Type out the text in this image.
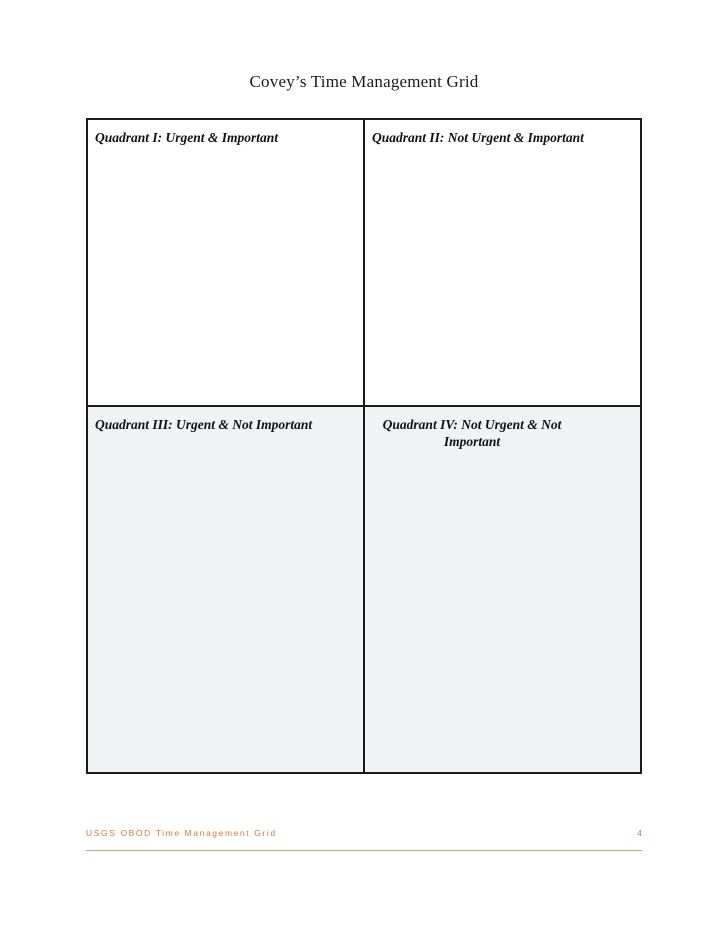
Covey’s Time Management Grid
Quadrant I: Urgent & Important	Quadrant II: Not Urgent & Important
Quadrant III: Urgent & Not Important	Quadrant IV: Not Urgent & Not Important
USGS OBOD Time Management Grid	4
